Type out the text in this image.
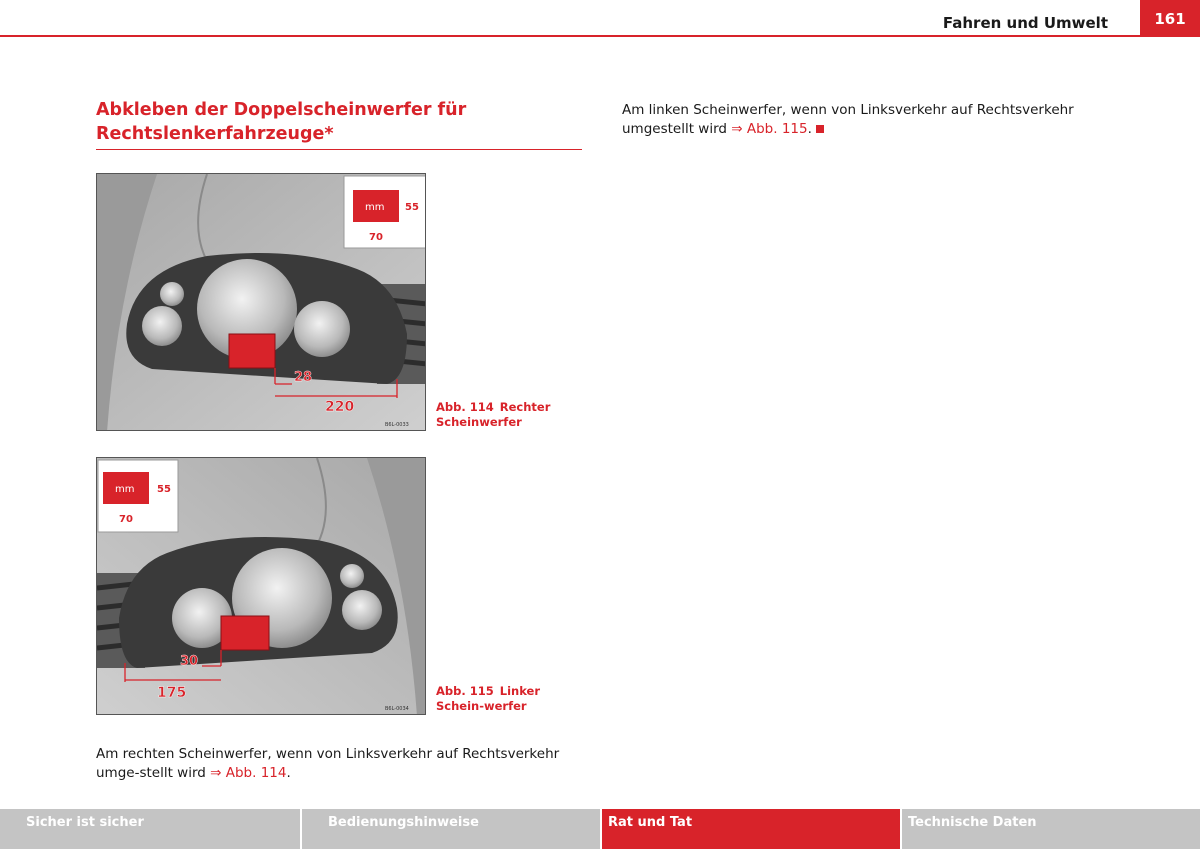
Fahren und Umwelt	161
Abkleben der Doppelscheinwerfer für Rechtslenkerfahrzeuge*
28
220
mm 55
70
B6L-0033
Abb. 114 Rechter Scheinwerfer
30
175
mm 55
70
B6L-0034
Abb. 115 Linker Schein-werfer

Am rechten Scheinwerfer, wenn von Linksverkehr auf Rechtsverkehr umge-stellt wird ⇒ Abb. 114.

Am linken Scheinwerfer, wenn von Linksverkehr auf Rechtsverkehr umgestellt wird ⇒ Abb. 115.

Sicher ist sicher	Bedienungshinweise	Rat und Tat	Technische Daten
